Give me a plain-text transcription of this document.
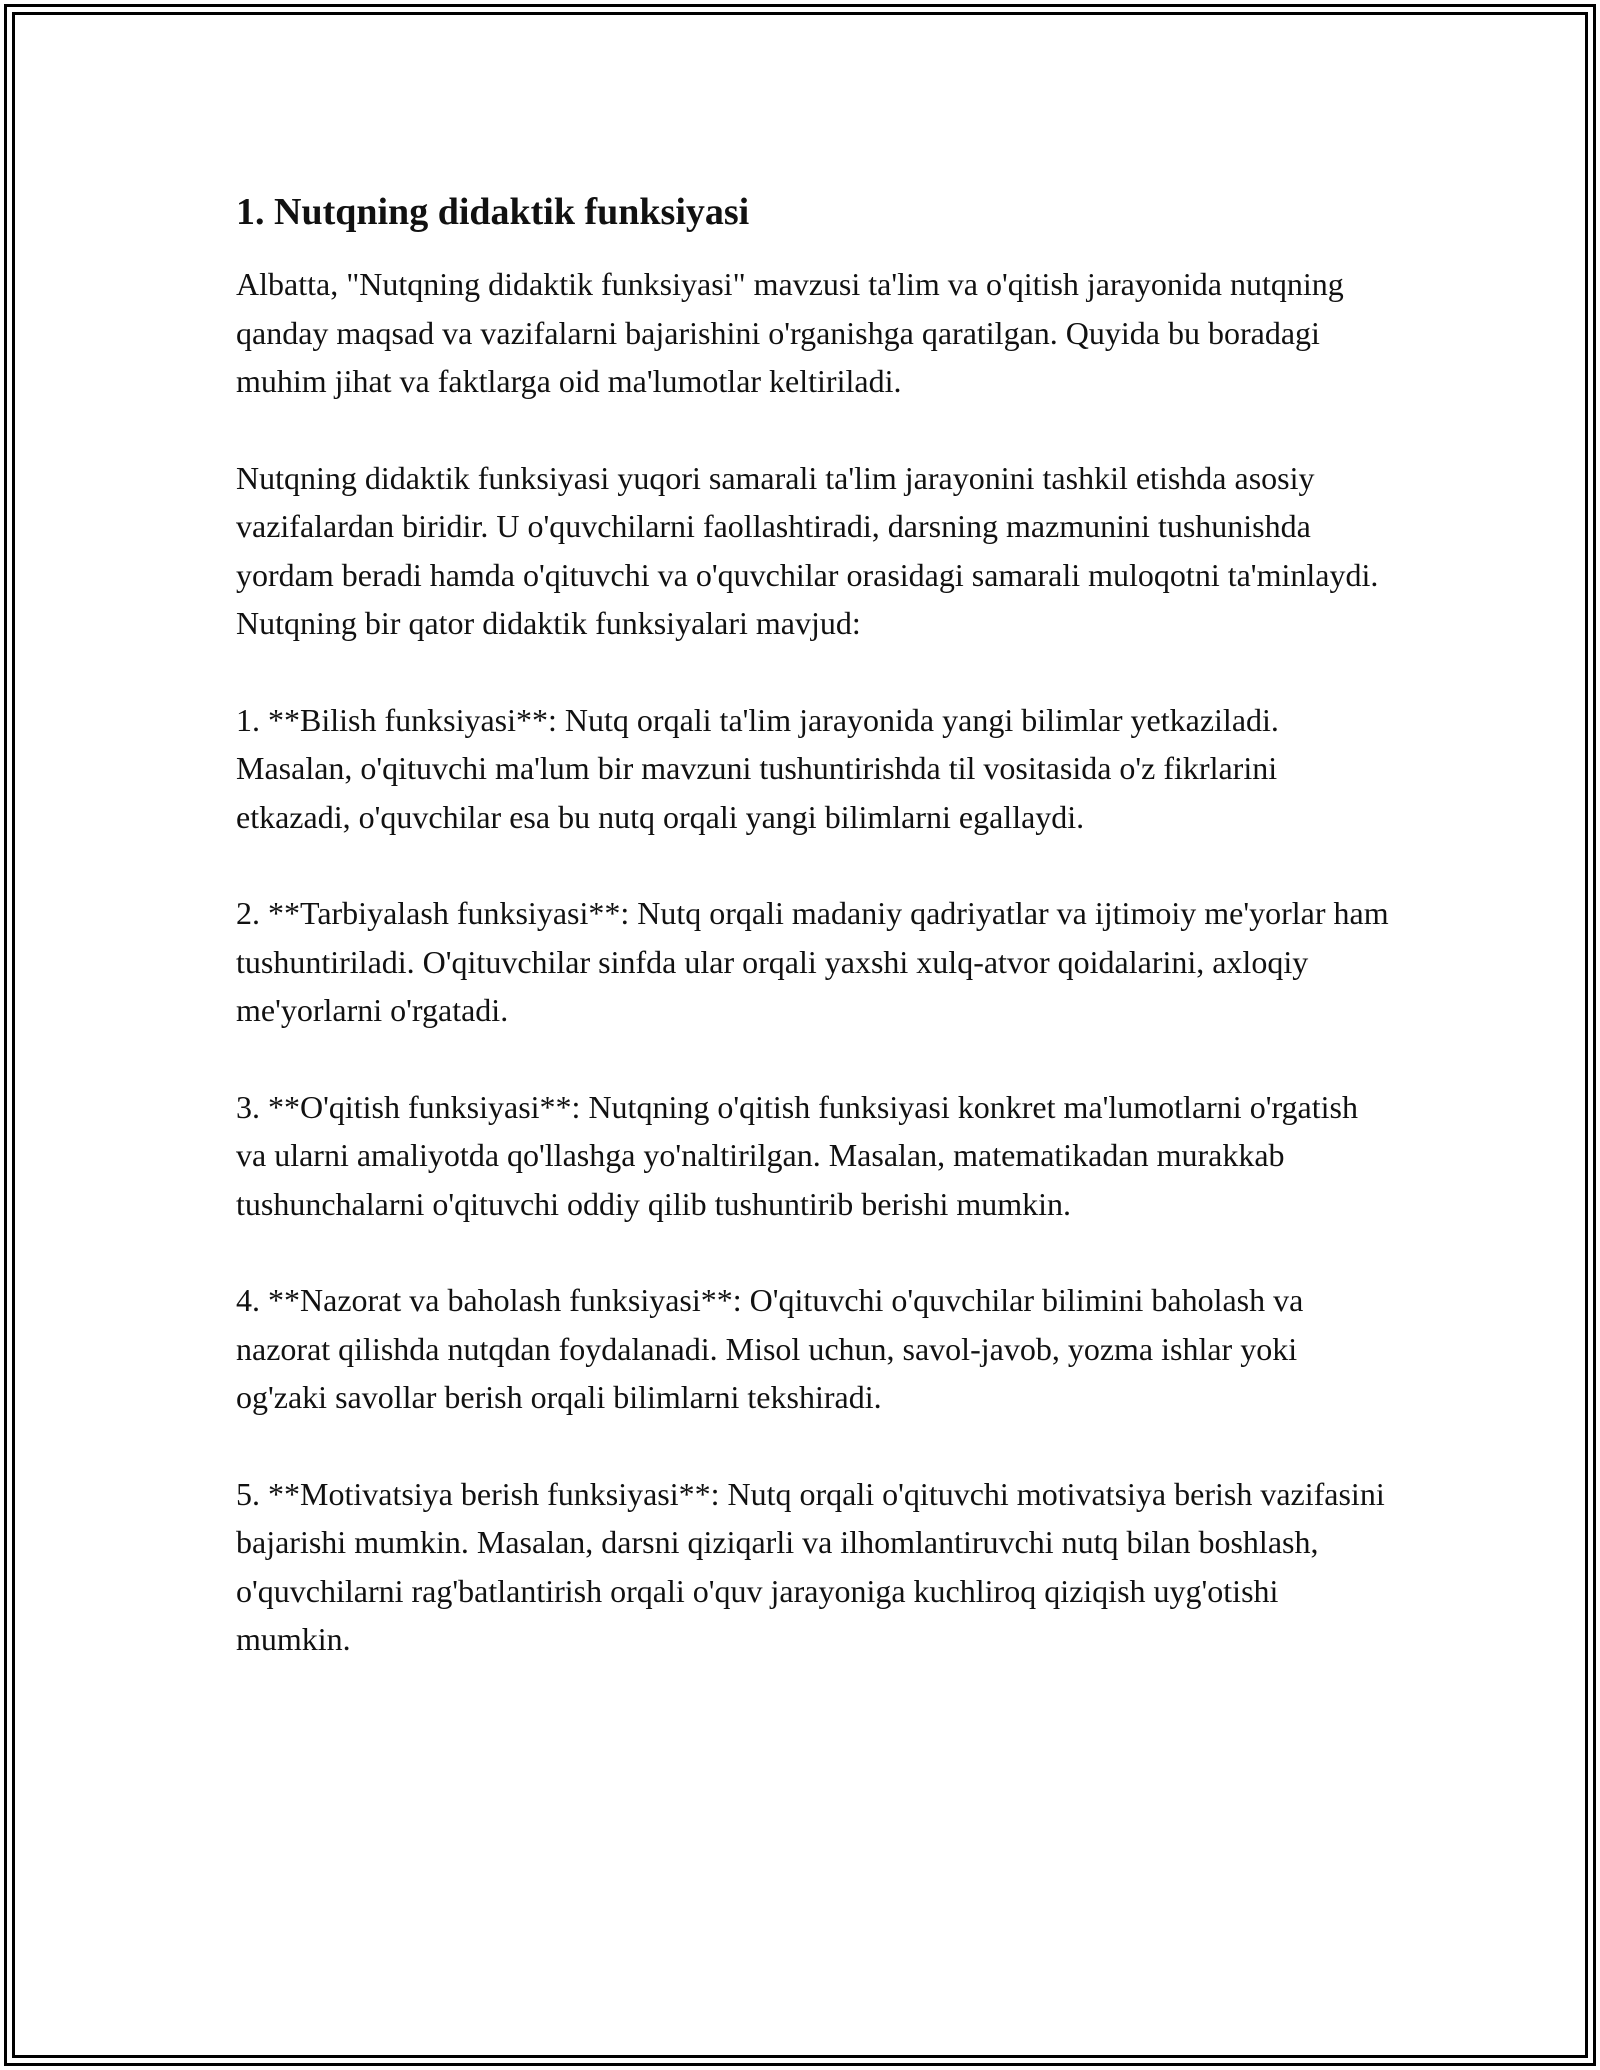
1. Nutqning didaktik funksiyasi

Albatta, "Nutqning didaktik funksiyasi" mavzusi ta'lim va o'qitish jarayonida nutqning qanday maqsad va vazifalarni bajarishini o'rganishga qaratilgan. Quyida bu boradagi muhim jihat va faktlarga oid ma'lumotlar keltiriladi.

Nutqning didaktik funksiyasi yuqori samarali ta'lim jarayonini tashkil etishda asosiy vazifalardan biridir. U o'quvchilarni faollashtiradi, darsning mazmunini tushunishda yordam beradi hamda o'qituvchi va o'quvchilar orasidagi samarali muloqotni ta'minlaydi. Nutqning bir qator didaktik funksiyalari mavjud:

1. **Bilish funksiyasi**: Nutq orqali ta'lim jarayonida yangi bilimlar yetkaziladi. Masalan, o'qituvchi ma'lum bir mavzuni tushuntirishda til vositasida o'z fikrlarini etkazadi, o'quvchilar esa bu nutq orqali yangi bilimlarni egallaydi.

2. **Tarbiyalash funksiyasi**: Nutq orqali madaniy qadriyatlar va ijtimoiy me'yorlar ham tushuntiriladi. O'qituvchilar sinfda ular orqali yaxshi xulq-atvor qoidalarini, axloqiy me'yorlarni o'rgatadi.

3. **O'qitish funksiyasi**: Nutqning o'qitish funksiyasi konkret ma'lumotlarni o'rgatish va ularni amaliyotda qo'llashga yo'naltirilgan. Masalan, matematikadan murakkab tushunchalarni o'qituvchi oddiy qilib tushuntirib berishi mumkin.

4. **Nazorat va baholash funksiyasi**: O'qituvchi o'quvchilar bilimini baholash va nazorat qilishda nutqdan foydalanadi. Misol uchun, savol-javob, yozma ishlar yoki og'zaki savollar berish orqali bilimlarni tekshiradi.

5. **Motivatsiya berish funksiyasi**: Nutq orqali o'qituvchi motivatsiya berish vazifasini bajarishi mumkin. Masalan, darsni qiziqarli va ilhomlantiruvchi nutq bilan boshlash, o'quvchilarni rag'batlantirish orqali o'quv jarayoniga kuchliroq qiziqish uyg'otishi mumkin.
